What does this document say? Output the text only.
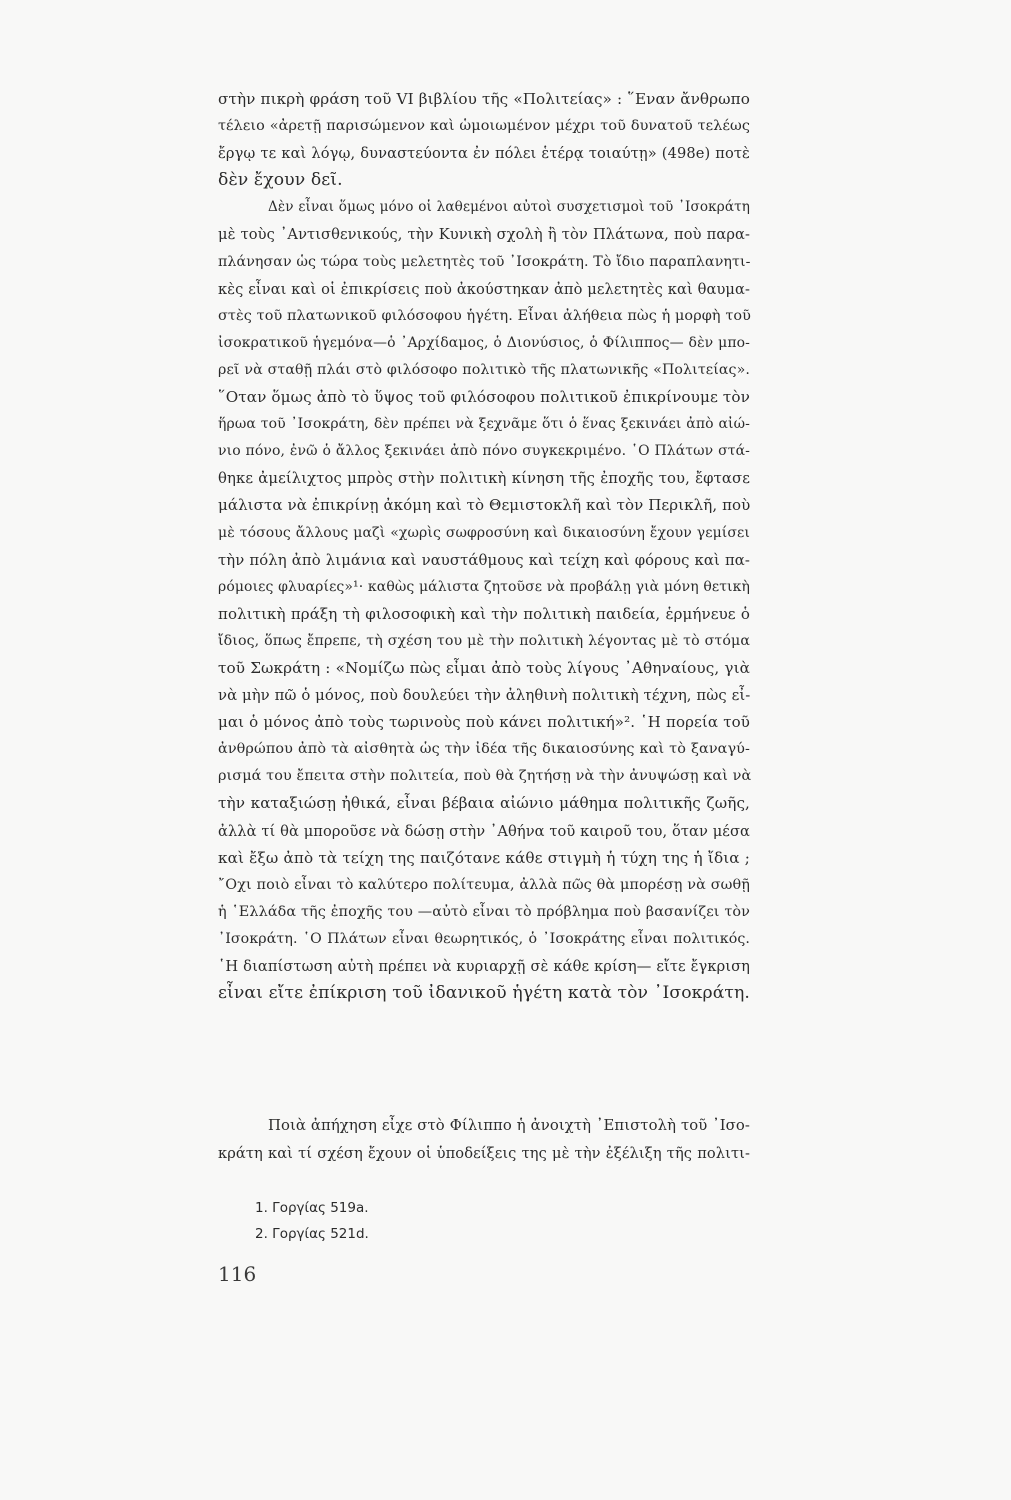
στὴν πικρὴ φράση τοῦ VI βιβλίου τῆς «Πολιτείας» : ῞Εναν ἄνθρωπο
τέλειο «ἀρετῇ παρισώμενον καὶ ὡμοιωμένον μέχρι τοῦ δυνατοῦ τελέως
ἔργῳ τε καὶ λόγῳ, δυναστεύοντα ἐν πόλει ἑτέρᾳ τοιαύτῃ» (498e) ποτὲ
δὲν ἔχουν δεῖ.
Δὲν εἶναι ὅμως μόνο οἱ λαθεμένοι αὐτοὶ συσχετισμοὶ τοῦ ᾿Ισοκράτη
μὲ τοὺς ᾿Αντισθενικούς, τὴν Κυνικὴ σχολὴ ἢ τὸν Πλάτωνα, ποὺ παρα-
πλάνησαν ὡς τώρα τοὺς μελετητὲς τοῦ ᾿Ισοκράτη. Τὸ ἴδιο παραπλανητι-
κὲς εἶναι καὶ οἱ ἐπικρίσεις ποὺ ἀκούστηκαν ἀπὸ μελετητὲς καὶ θαυμα-
στὲς τοῦ πλατωνικοῦ φιλόσοφου ἡγέτη. Εἶναι ἀλήθεια πὼς ἡ μορφὴ τοῦ
ἰσοκρατικοῦ ἡγεμόνα—ὁ ᾿Αρχίδαμος, ὁ Διονύσιος, ὁ Φίλιππος— δὲν μπο-
ρεῖ νὰ σταθῇ πλάι στὸ φιλόσοφο πολιτικὸ τῆς πλατωνικῆς «Πολιτείας».
῞Οταν ὅμως ἀπὸ τὸ ὕψος τοῦ φιλόσοφου πολιτικοῦ ἐπικρίνουμε τὸν
ἥρωα τοῦ ᾿Ισοκράτη, δὲν πρέπει νὰ ξεχνᾶμε ὅτι ὁ ἕνας ξεκινάει ἀπὸ αἰώ-
νιο πόνο, ἐνῶ ὁ ἄλλος ξεκινάει ἀπὸ πόνο συγκεκριμένο. ῾Ο Πλάτων στά-
θηκε ἀμείλιχτος μπρὸς στὴν πολιτικὴ κίνηση τῆς ἐποχῆς του, ἔφτασε
μάλιστα νὰ ἐπικρίνῃ ἀκόμη καὶ τὸ Θεμιστοκλῆ καὶ τὸν Περικλῆ, ποὺ
μὲ τόσους ἄλλους μαζὶ «χωρὶς σωφροσύνη καὶ δικαιοσύνη ἔχουν γεμίσει
τὴν πόλη ἀπὸ λιμάνια καὶ ναυστάθμους καὶ τείχη καὶ φόρους καὶ πα-
ρόμοιες φλυαρίες»¹· καθὼς μάλιστα ζητοῦσε νὰ προβάλῃ γιὰ μόνη θετικὴ
πολιτικὴ πράξη τὴ φιλοσοφικὴ καὶ τὴν πολιτικὴ παιδεία, ἑρμήνευε ὁ
ἴδιος, ὅπως ἔπρεπε, τὴ σχέση του μὲ τὴν πολιτικὴ λέγοντας μὲ τὸ στόμα
τοῦ Σωκράτη : «Νομίζω πὼς εἶμαι ἀπὸ τοὺς λίγους ᾿Αθηναίους, γιὰ
νὰ μὴν πῶ ὁ μόνος, ποὺ δουλεύει τὴν ἀληθινὴ πολιτικὴ τέχνη, πὼς εἶ-
μαι ὁ μόνος ἀπὸ τοὺς τωρινοὺς ποὺ κάνει πολιτική»². ῾Η πορεία τοῦ
ἀνθρώπου ἀπὸ τὰ αἰσθητὰ ὡς τὴν ἰδέα τῆς δικαιοσύνης καὶ τὸ ξαναγύ-
ρισμά του ἔπειτα στὴν πολιτεία, ποὺ θὰ ζητήσῃ νὰ τὴν ἀνυψώσῃ καὶ νὰ
τὴν καταξιώσῃ ἠθικά, εἶναι βέβαια αἰώνιο μάθημα πολιτικῆς ζωῆς,
ἀλλὰ τί θὰ μποροῦσε νὰ δώσῃ στὴν ᾿Αθήνα τοῦ καιροῦ του, ὅταν μέσα
καὶ ἔξω ἀπὸ τὰ τείχη της παιζότανε κάθε στιγμὴ ἡ τύχη της ἡ ἴδια ;
῎Οχι ποιὸ εἶναι τὸ καλύτερο πολίτευμα, ἀλλὰ πῶς θὰ μπορέσῃ νὰ σωθῇ
ἡ ῾Ελλάδα τῆς ἐποχῆς του —αὐτὸ εἶναι τὸ πρόβλημα ποὺ βασανίζει τὸν
᾿Ισοκράτη. ῾Ο Πλάτων εἶναι θεωρητικός, ὁ ᾿Ισοκράτης εἶναι πολιτικός.
῾Η διαπίστωση αὐτὴ πρέπει νὰ κυριαρχῇ σὲ κάθε κρίση— εἴτε ἔγκριση
εἶναι εἴτε ἐπίκριση τοῦ ἰδανικοῦ ἡγέτη κατὰ τὸν ᾿Ισοκράτη.
Ποιὰ ἀπήχηση εἶχε στὸ Φίλιππο ἡ ἀνοιχτὴ ᾿Επιστολὴ τοῦ ᾿Ισο-
κράτη καὶ τί σχέση ἔχουν οἱ ὑποδείξεις της μὲ τὴν ἐξέλιξη τῆς πολιτι-
1. Γοργίας 519a.
2. Γοργίας 521d.
116
